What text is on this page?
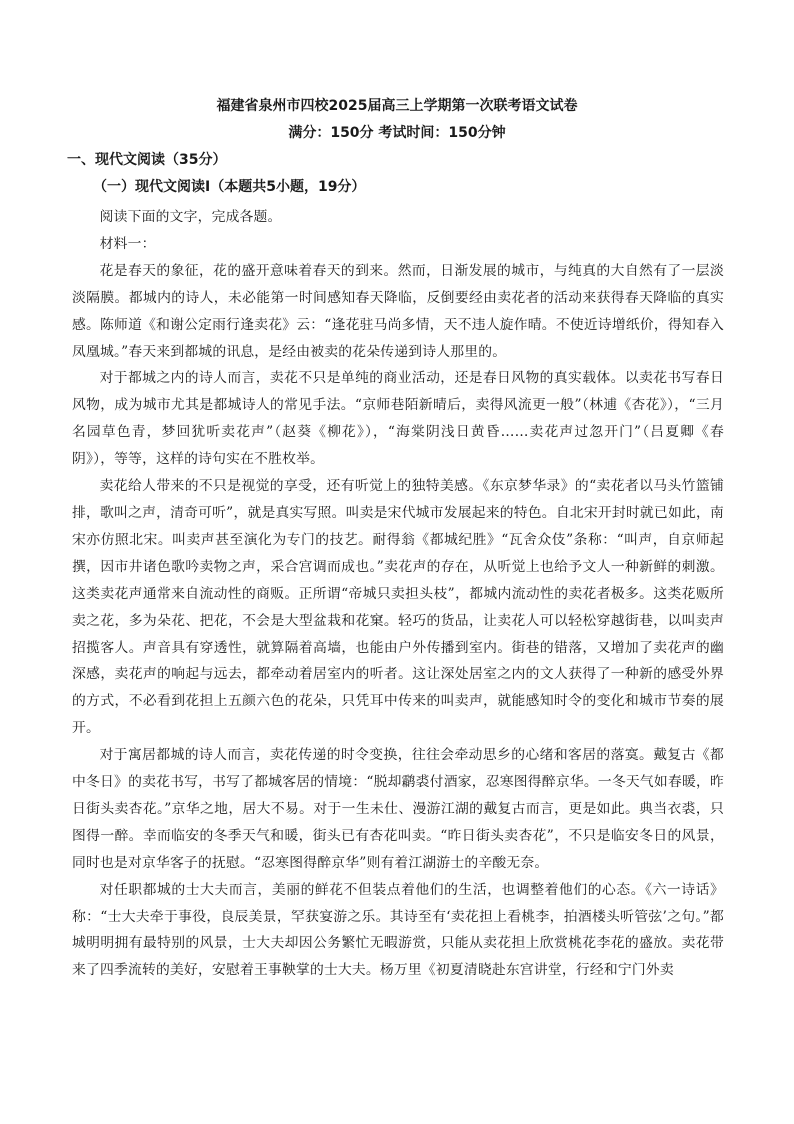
福建省泉州市四校2025届高三上学期第一次联考语文试卷
满分：150分 考试时间：150分钟
一、现代文阅读（35分）
（一）现代文阅读Ⅰ（本题共5小题，19分）

阅读下面的文字，完成各题。

材料一：

花是春天的象征，花的盛开意味着春天的到来。然而，日渐发展的城市，与纯真的大自然有了一层淡淡隔膜。都城内的诗人，未必能第一时间感知春天降临，反倒要经由卖花者的活动来获得春天降临的真实感。陈师道《和谢公定雨行逢卖花》云：“逢花驻马尚多情，天不违人旋作晴。不使近诗增纸价，得知春入凤凰城。”春天来到都城的讯息，是经由被卖的花朵传递到诗人那里的。

对于都城之内的诗人而言，卖花不只是单纯的商业活动，还是春日风物的真实载体。以卖花书写春日风物，成为城市尤其是都城诗人的常见手法。“京师巷陌新晴后，卖得风流更一般”（林逋《杏花》），“三月名园草色青，梦回犹听卖花声”（赵葵《柳花》），“海棠阴浅日黄昏……卖花声过忽开门”（吕夏卿《春阴》），等等，这样的诗句实在不胜枚举。

卖花给人带来的不只是视觉的享受，还有听觉上的独特美感。《东京梦华录》的“卖花者以马头竹篮铺排，歌叫之声，清奇可听”，就是真实写照。叫卖是宋代城市发展起来的特色。自北宋开封时就已如此，南宋亦仿照北宋。叫卖声甚至演化为专门的技艺。耐得翁《都城纪胜》“瓦舍众伎”条称：“叫声，自京师起撰，因市井诸色歌吟卖物之声，采合宫调而成也。”卖花声的存在，从听觉上也给予文人一种新鲜的刺激。这类卖花声通常来自流动性的商贩。正所谓“帝城只卖担头枝”，都城内流动性的卖花者极多。这类花贩所卖之花，多为朵花、把花，不会是大型盆栽和花窠。轻巧的货品，让卖花人可以轻松穿越街巷，以叫卖声招揽客人。声音具有穿透性，就算隔着高墙，也能由户外传播到室内。街巷的错落，又增加了卖花声的幽深感，卖花声的响起与远去，都牵动着居室内的听者。这让深处居室之内的文人获得了一种新的感受外界的方式，不必看到花担上五颜六色的花朵，只凭耳中传来的叫卖声，就能感知时令的变化和城市节奏的展开。

对于寓居都城的诗人而言，卖花传递的时令变换，往往会牵动思乡的心绪和客居的落寞。戴复古《都中冬日》的卖花书写，书写了都城客居的情境：“脱却鹴裘付酒家，忍寒图得醉京华。一冬天气如春暖，昨日街头卖杏花。”京华之地，居大不易。对于一生未仕、漫游江湖的戴复古而言，更是如此。典当衣裘，只图得一醉。幸而临安的冬季天气和暖，街头已有杏花叫卖。“昨日街头卖杏花”，不只是临安冬日的风景，同时也是对京华客子的抚慰。“忍寒图得醉京华”则有着江湖游士的辛酸无奈。

对任职都城的士大夫而言，美丽的鲜花不但装点着他们的生活，也调整着他们的心态。《六一诗话》称：“士大夫牵于事役，良辰美景，罕获宴游之乐。其诗至有‘卖花担上看桃李，拍酒楼头听管弦’之句。”都城明明拥有最特别的风景，士大夫却因公务繁忙无暇游赏，只能从卖花担上欣赏桃花李花的盛放。卖花带来了四季流转的美好，安慰着王事鞅掌的士大夫。杨万里《初夏清晓赴东宫讲堂，行经和宁门外卖
